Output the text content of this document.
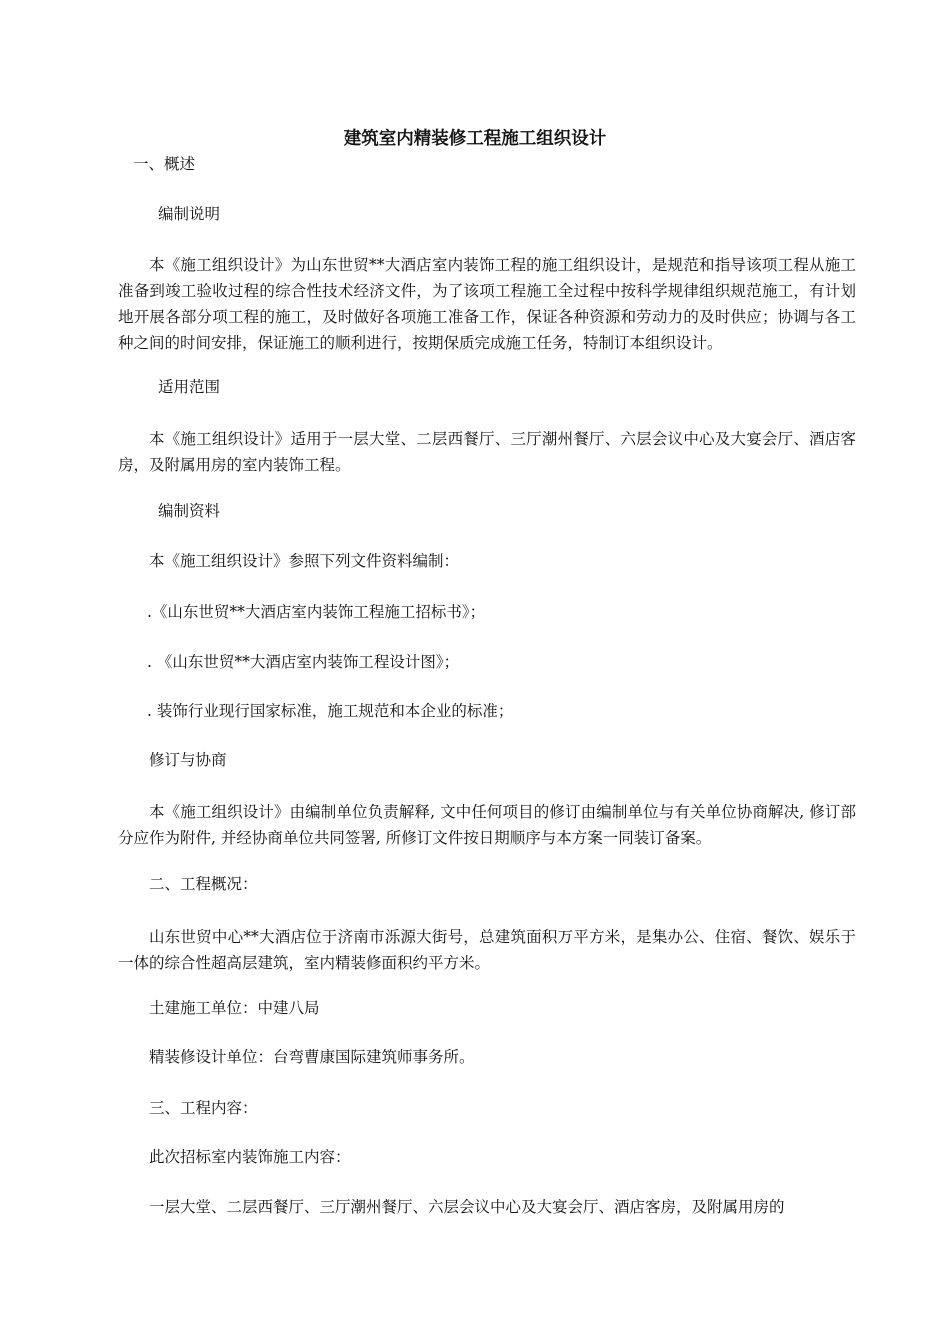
建筑室内精装修工程施工组织设计
一、概述
编制说明
本《施工组织设计》为山东世贸**大酒店室内装饰工程的施工组织设计，是规范和指导该项工程从施工准备到竣工验收过程的综合性技术经济文件，为了该项工程施工全过程中按科学规律组织规范施工，有计划地开展各部分项工程的施工，及时做好各项施工准备工作，保证各种资源和劳动力的及时供应；协调与各工种之间的时间安排，保证施工的顺利进行，按期保质完成施工任务，特制订本组织设计。
适用范围
本《施工组织设计》适用于一层大堂、二层西餐厅、三厅潮州餐厅、六层会议中心及大宴会厅、酒店客房，及附属用房的室内装饰工程。
编制资料
本《施工组织设计》参照下列文件资料编制：
.《山东世贸**大酒店室内装饰工程施工招标书》；
. 《山东世贸**大酒店室内装饰工程设计图》；
. 装饰行业现行国家标准，施工规范和本企业的标准；
修订与协商
本《施工组织设计》由编制单位负责解释, 文中任何项目的修订由编制单位与有关单位协商解决, 修订部分应作为附件, 并经协商单位共同签署, 所修订文件按日期顺序与本方案一同装订备案。
二、工程概况：
山东世贸中心**大酒店位于济南市泺源大街号，总建筑面积万平方米，是集办公、住宿、餐饮、娱乐于一体的综合性超高层建筑，室内精装修面积约平方米。
土建施工单位：中建八局
精装修设计单位：台弯曹康国际建筑师事务所。
三、工程内容：
此次招标室内装饰施工内容：
一层大堂、二层西餐厅、三厅潮州餐厅、六层会议中心及大宴会厅、酒店客房，及附属用房的
